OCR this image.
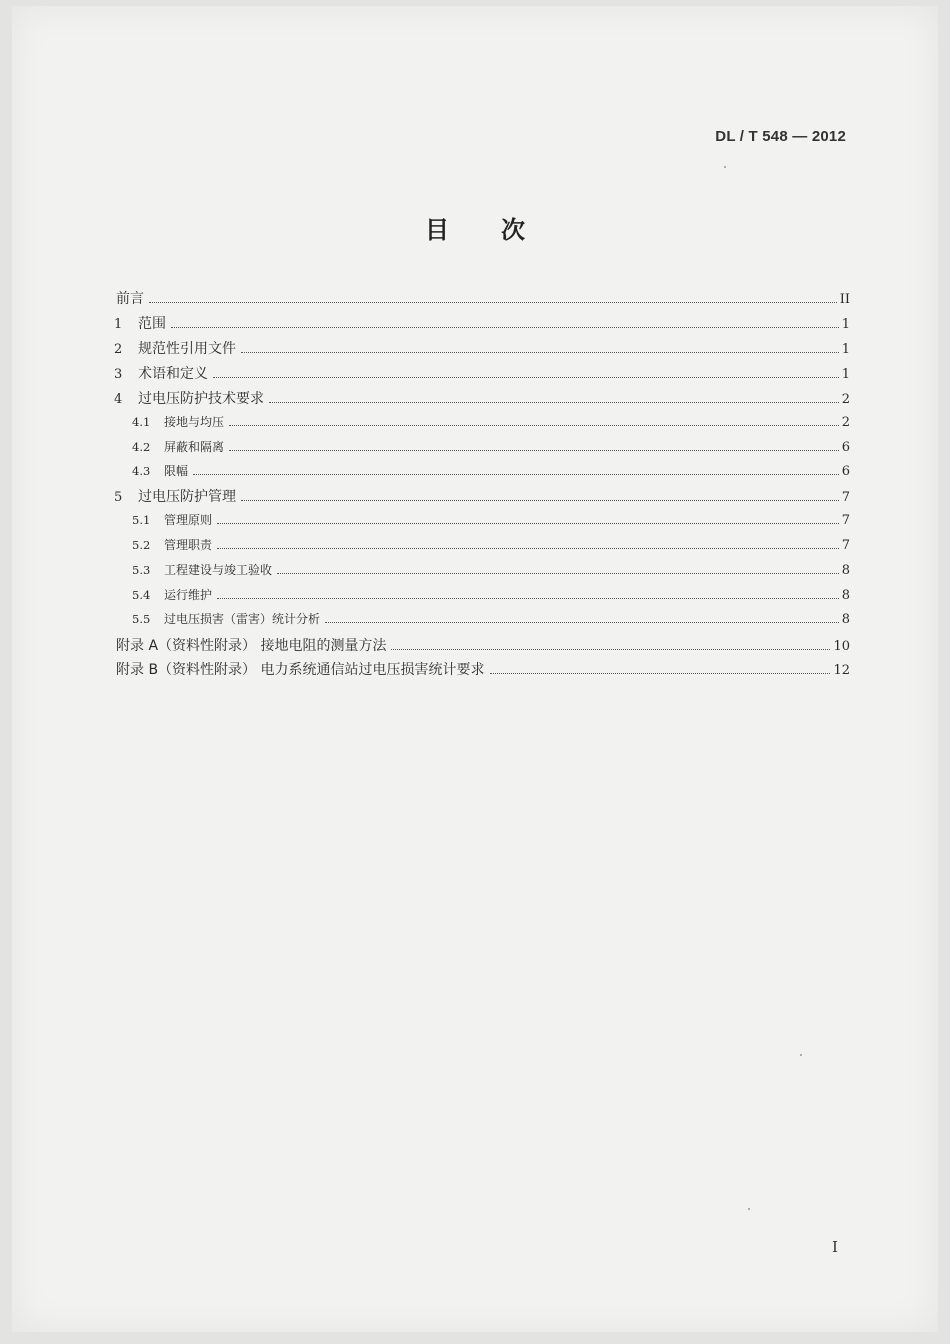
DL / T 548 — 2012
目次
前言	II
1	范围	1
2	规范性引用文件	1
3	术语和定义	1
4	过电压防护技术要求	2
4.1	接地与均压	2
4.2	屏蔽和隔离	6
4.3	限幅	6
5	过电压防护管理	7
5.1	管理原则	7
5.2	管理职责	7
5.3	工程建设与竣工验收	8
5.4	运行维护	8
5.5	过电压损害（雷害）统计分析	8
附录 A（资料性附录） 接地电阻的测量方法	10
附录 B（资料性附录） 电力系统通信站过电压损害统计要求	12
I
